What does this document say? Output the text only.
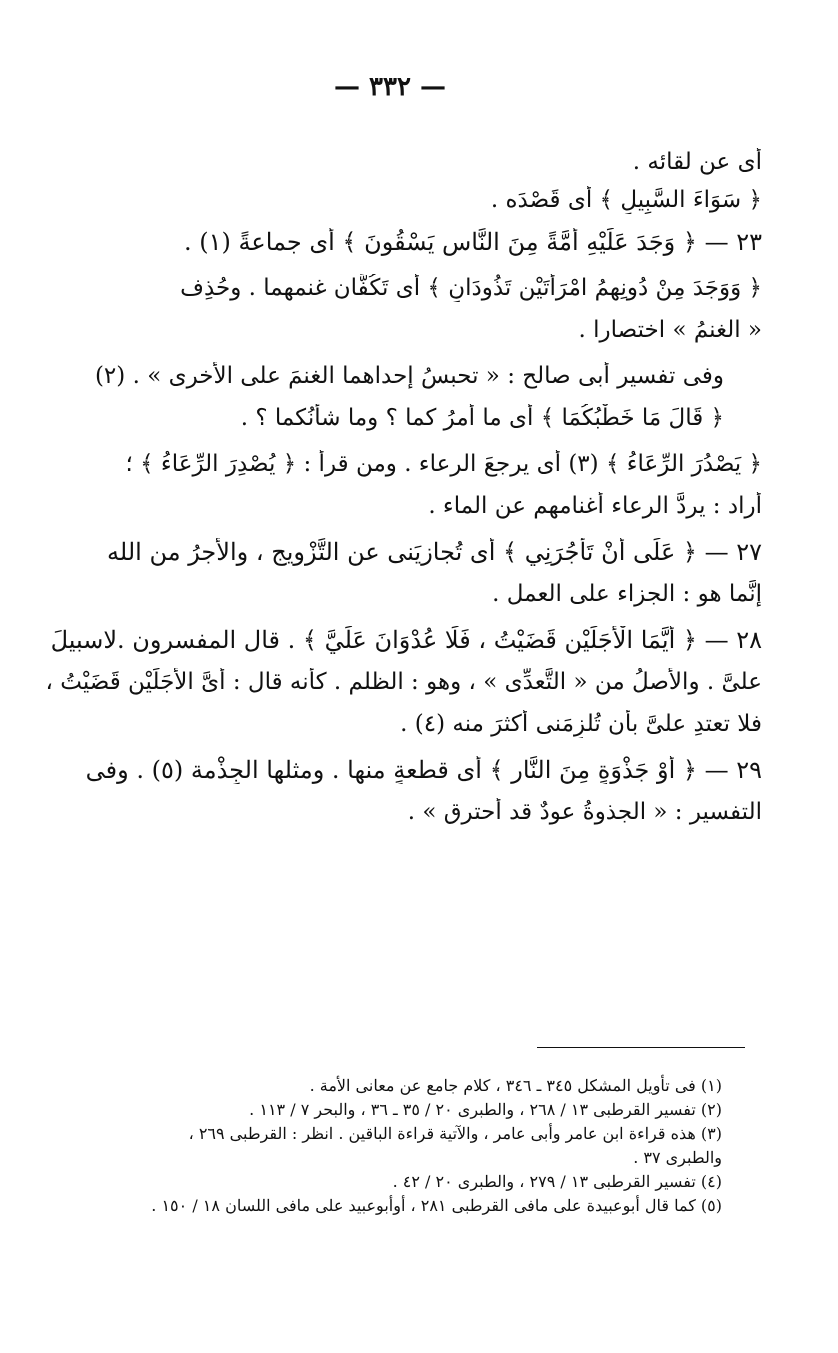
— ٣٣٢ —

أى عن لقائه .

﴿ سَوَاءَ السَّبِيلِ ﴾ أى قَصْدَه .

٢٣ — ﴿ وَجَدَ عَلَيْهِ أُمَّةً مِنَ النَّاسِ يَسْقُونَ ﴾ أى جماعةً (١) .

﴿ وَوَجَدَ مِنْ دُونِهِمُ امْرَأَتَيْنِ تَذُودَانِ ﴾ أى تَكُفَّان غنمهما . وحُذِف

« الغنمُ » اختصارا .

وفى تفسير أبى صالح : « تحبسُ إحداهما الغنمَ على الأخرى » . (٢)

﴿ قَالَ مَا خَطْبُكُمَا ﴾ أى ما أمرُ كما ؟ وما شأنُكما ؟ .

﴿ يَصْدُرَ الرِّعَاءُ ﴾ (٣) أى يرجعَ الرعاء . ومن قرأ : ﴿ يُصْدِرَ الرِّعَاءُ ﴾ ؛

أراد : يردَّ الرعاء أغنامهم عن الماء .

٢٧ — ﴿ عَلَى أَنْ تَأْجُرَنِي ﴾ أى تُجازيَنى عن التَّزْويج ، والأجرُ من الله

إنَّما هو : الجزاء على العمل .

٢٨ — ﴿ أَيَّمَا الْأَجَلَيْنِ قَضَيْتُ ، فَلَا عُدْوَانَ عَلَيَّ ﴾ . قال المفسرون .لاسبيلَ

علىَّ . والأصلُ من « التَّعدِّى » ، وهو : الظلم . كأنه قال : أىَّ الأجَلَيْنِ قَضَيْتُ ،

فلا تعتدِ علىَّ بأن تُلزِمَنى أكثرَ منه (٤) .

٢٩ — ﴿ أَوْ جَذْوَةٍ مِنَ النَّارِ ﴾ أى قطعةٍ منها . ومثلها الجِذْمة (٥) . وفى

التفسير : « الجذوةُ عودٌ قد أُحترق » .

(١) فى تأويل المشكل ٣٤٥ ـ ٣٤٦ ، كلام جامع عن معانى الأمة .

(٢) تفسير القرطبى ١٣ / ٢٦٨ ، والطبرى ٢٠ / ٣٥ ـ ٣٦ ، والبحر ٧ / ١١٣ .

(٣) هذه قراءة ابن عامر وأبى عامر ، والآتية قراءة الباقين . انظر : القرطبى ٢٦٩ ،

والطبرى ٣٧ .

(٤) تفسير القرطبى ١٣ / ٢٧٩ ، والطبرى ٢٠ / ٤٢ .

(٥) كما قال أبوعبيدة على مافى القرطبى ٢٨١ ، أوأبوعبيد على مافى اللسان ١٨ / ١٥٠ .
